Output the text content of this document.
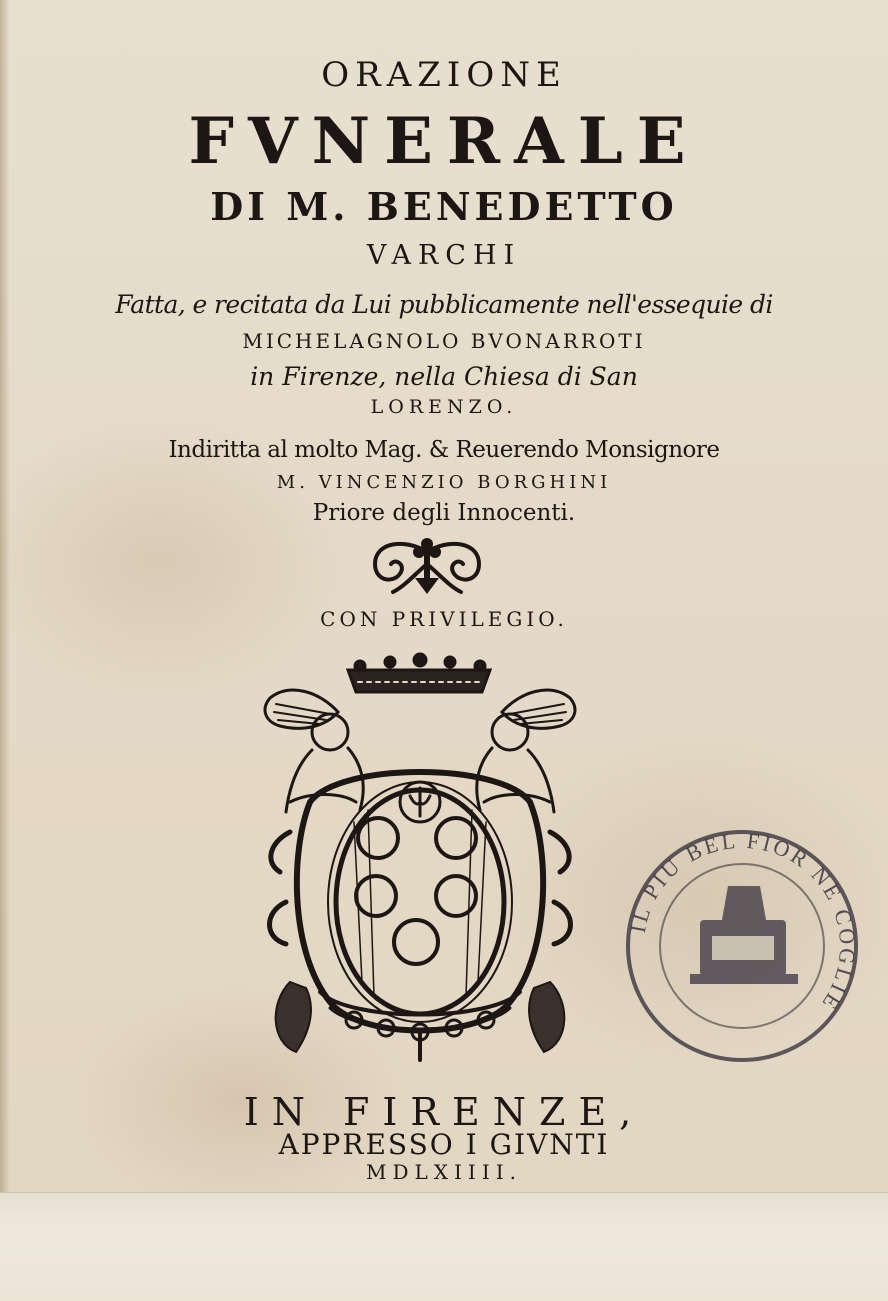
ORAZIONE
FVNERALE
DI M. BENEDETTO
VARCHI
Fatta, e recitata da Lui pubblicamente nell'essequie di
MICHELAGNOLO BVONARROTI
in Firenze, nella Chiesa di San
LORENZO.
Indiritta al molto Mag. & Reuerendo Monsignore
M. VINCENZIO BORGHINI
Priore degli Innocenti.
CON PRIVILEGIO.
IL PIU BEL FIOR NE COGLIE
IN FIRENZE,
APPRESSO I GIVNTI
MDLXIIII.
